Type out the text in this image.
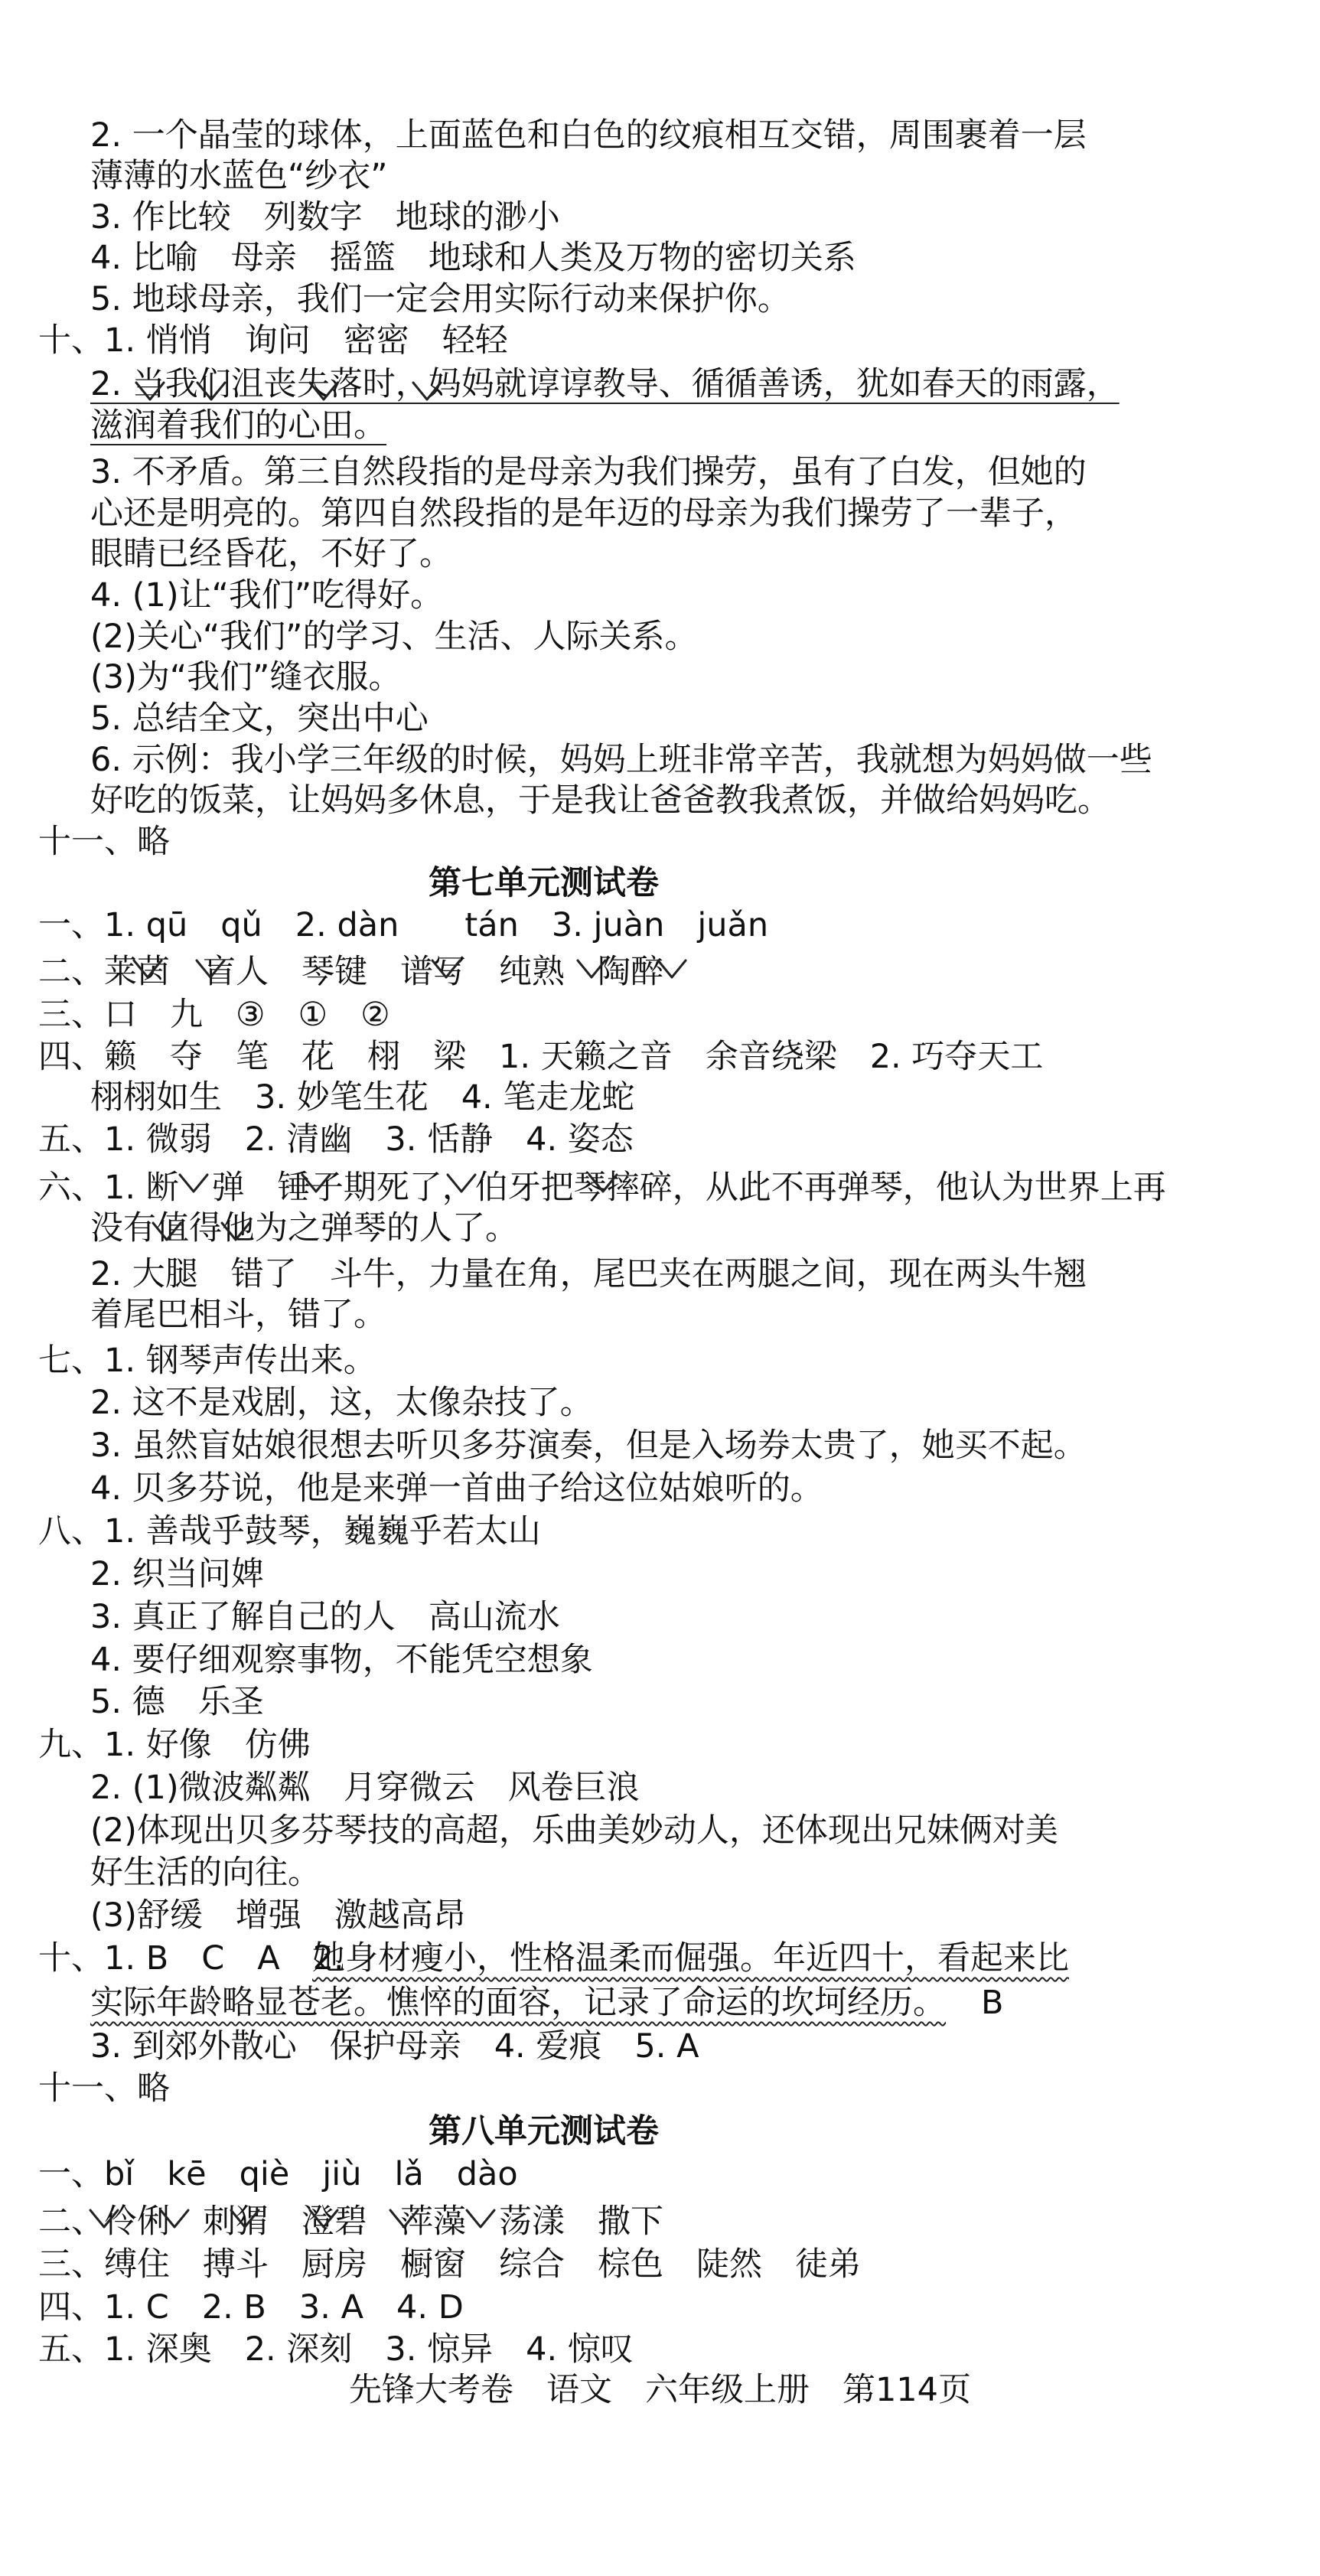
2. 一个晶莹的球体，上面蓝色和白色的纹痕相互交错，周围裹着一层
薄薄的水蓝色“纱衣”
3. 作比较　列数字　地球的渺小
4. 比喻　母亲　摇篮　地球和人类及万物的密切关系
5. 地球母亲，我们一定会用实际行动来保护你。
十、1. 悄悄　询问　密密　轻轻
2. 当我们沮丧失落时，妈妈就谆谆教导、循循善诱，犹如春天的雨露，
滋润着我们的心田。
3. 不矛盾。第三自然段指的是母亲为我们操劳，虽有了白发，但她的
心还是明亮的。第四自然段指的是年迈的母亲为我们操劳了一辈子，
眼睛已经昏花，不好了。
4. (1)让“我们”吃得好。
(2)关心“我们”的学习、生活、人际关系。
(3)为“我们”缝衣服。
5. 总结全文，突出中心
6. 示例：我小学三年级的时候，妈妈上班非常辛苦，我就想为妈妈做一些
好吃的饭菜，让妈妈多休息，于是我让爸爸教我煮饭，并做给妈妈吃。
十一、略
第七单元测试卷
一、1. qū　qǔ　2. dàn　　tán　3. juàn　juǎn
二、莱茵　盲人　琴键　谱写　纯熟　陶醉
三、口　九　③　①　②
四、籁　夺　笔　花　栩　梁　1. 天籁之音　余音绕梁　2. 巧夺天工
栩栩如生　3. 妙笔生花　4. 笔走龙蛇
五、1. 微弱　2. 清幽　3. 恬静　4. 姿态
六、1. 断　弹　锤子期死了，伯牙把琴摔碎，从此不再弹琴，他认为世界上再
没有值得他为之弹琴的人了。
2. 大腿　错了　斗牛，力量在角，尾巴夹在两腿之间，现在两头牛翘
着尾巴相斗，错了。
七、1. 钢琴声传出来。
2. 这不是戏剧，这，太像杂技了。
3. 虽然盲姑娘很想去听贝多芬演奏，但是入场券太贵了，她买不起。
4. 贝多芬说，他是来弹一首曲子给这位姑娘听的。
八、1. 善哉乎鼓琴，巍巍乎若太山
2. 织当问婢
3. 真正了解自己的人　高山流水
4. 要仔细观察事物，不能凭空想象
5. 德　乐圣
九、1. 好像　仿佛
2. (1)微波粼粼　月穿微云　风卷巨浪
(2)体现出贝多芬琴技的高超，乐曲美妙动人，还体现出兄妹俩对美
好生活的向往。
(3)舒缓　增强　激越高昂
十、1. B　C　A　2.
她身材瘦小，性格温柔而倔强。年近四十，看起来比
实际年龄略显苍老。憔悴的面容，记录了命运的坎坷经历。 B
3. 到郊外散心　保护母亲　4. 爱痕　5. A
十一、略
第八单元测试卷
一、bǐ　kē　qiè　jiù　lǎ　dào
二、伶俐　刺猬　澄碧　萍藻　荡漾　撒下
三、缚住　搏斗　厨房　橱窗　综合　棕色　陡然　徒弟
四、1. C　2. B　3. A　4. D
五、1. 深奥　2. 深刻　3. 惊异　4. 惊叹
先锋大考卷　语文　六年级上册　第114页
